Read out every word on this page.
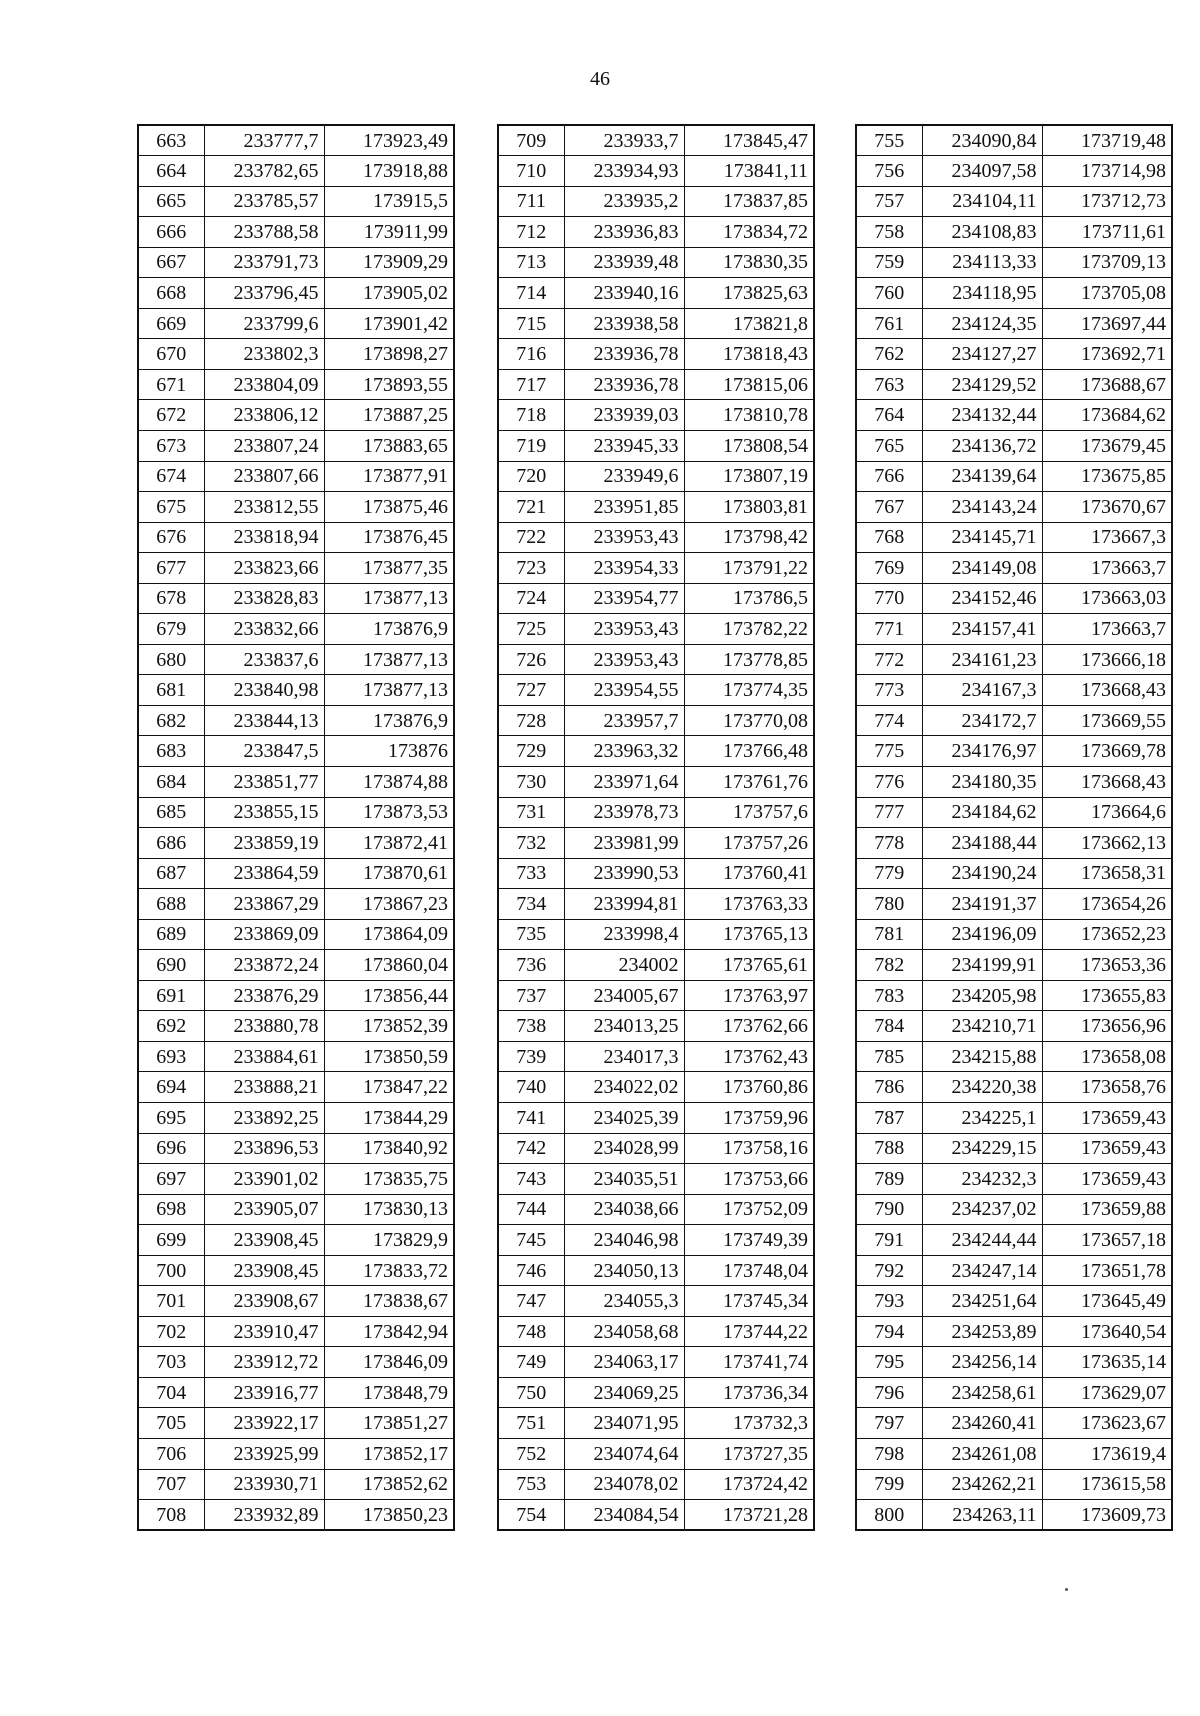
46
663	233777,7	173923,49
664	233782,65	173918,88
665	233785,57	173915,5
666	233788,58	173911,99
667	233791,73	173909,29
668	233796,45	173905,02
669	233799,6	173901,42
670	233802,3	173898,27
671	233804,09	173893,55
672	233806,12	173887,25
673	233807,24	173883,65
674	233807,66	173877,91
675	233812,55	173875,46
676	233818,94	173876,45
677	233823,66	173877,35
678	233828,83	173877,13
679	233832,66	173876,9
680	233837,6	173877,13
681	233840,98	173877,13
682	233844,13	173876,9
683	233847,5	173876
684	233851,77	173874,88
685	233855,15	173873,53
686	233859,19	173872,41
687	233864,59	173870,61
688	233867,29	173867,23
689	233869,09	173864,09
690	233872,24	173860,04
691	233876,29	173856,44
692	233880,78	173852,39
693	233884,61	173850,59
694	233888,21	173847,22
695	233892,25	173844,29
696	233896,53	173840,92
697	233901,02	173835,75
698	233905,07	173830,13
699	233908,45	173829,9
700	233908,45	173833,72
701	233908,67	173838,67
702	233910,47	173842,94
703	233912,72	173846,09
704	233916,77	173848,79
705	233922,17	173851,27
706	233925,99	173852,17
707	233930,71	173852,62
708	233932,89	173850,23
709	233933,7	173845,47
710	233934,93	173841,11
711	233935,2	173837,85
712	233936,83	173834,72
713	233939,48	173830,35
714	233940,16	173825,63
715	233938,58	173821,8
716	233936,78	173818,43
717	233936,78	173815,06
718	233939,03	173810,78
719	233945,33	173808,54
720	233949,6	173807,19
721	233951,85	173803,81
722	233953,43	173798,42
723	233954,33	173791,22
724	233954,77	173786,5
725	233953,43	173782,22
726	233953,43	173778,85
727	233954,55	173774,35
728	233957,7	173770,08
729	233963,32	173766,48
730	233971,64	173761,76
731	233978,73	173757,6
732	233981,99	173757,26
733	233990,53	173760,41
734	233994,81	173763,33
735	233998,4	173765,13
736	234002	173765,61
737	234005,67	173763,97
738	234013,25	173762,66
739	234017,3	173762,43
740	234022,02	173760,86
741	234025,39	173759,96
742	234028,99	173758,16
743	234035,51	173753,66
744	234038,66	173752,09
745	234046,98	173749,39
746	234050,13	173748,04
747	234055,3	173745,34
748	234058,68	173744,22
749	234063,17	173741,74
750	234069,25	173736,34
751	234071,95	173732,3
752	234074,64	173727,35
753	234078,02	173724,42
754	234084,54	173721,28
755	234090,84	173719,48
756	234097,58	173714,98
757	234104,11	173712,73
758	234108,83	173711,61
759	234113,33	173709,13
760	234118,95	173705,08
761	234124,35	173697,44
762	234127,27	173692,71
763	234129,52	173688,67
764	234132,44	173684,62
765	234136,72	173679,45
766	234139,64	173675,85
767	234143,24	173670,67
768	234145,71	173667,3
769	234149,08	173663,7
770	234152,46	173663,03
771	234157,41	173663,7
772	234161,23	173666,18
773	234167,3	173668,43
774	234172,7	173669,55
775	234176,97	173669,78
776	234180,35	173668,43
777	234184,62	173664,6
778	234188,44	173662,13
779	234190,24	173658,31
780	234191,37	173654,26
781	234196,09	173652,23
782	234199,91	173653,36
783	234205,98	173655,83
784	234210,71	173656,96
785	234215,88	173658,08
786	234220,38	173658,76
787	234225,1	173659,43
788	234229,15	173659,43
789	234232,3	173659,43
790	234237,02	173659,88
791	234244,44	173657,18
792	234247,14	173651,78
793	234251,64	173645,49
794	234253,89	173640,54
795	234256,14	173635,14
796	234258,61	173629,07
797	234260,41	173623,67
798	234261,08	173619,4
799	234262,21	173615,58
800	234263,11	173609,73
